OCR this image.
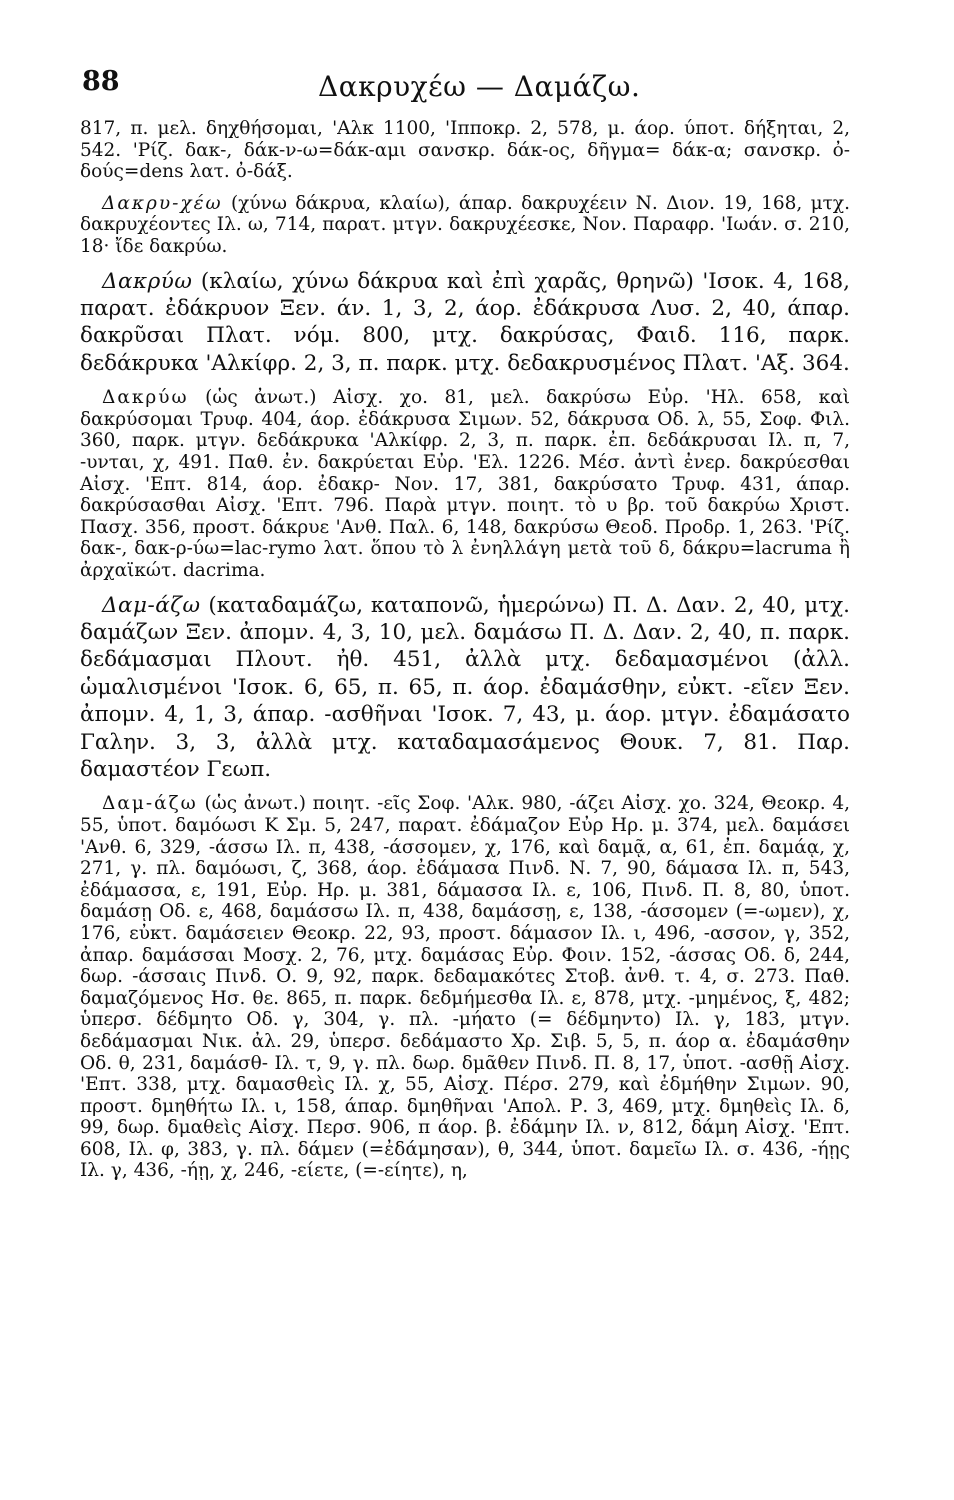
88	Δακρυχέω — Δαμάζω.

817, π. μελ. δηχθήσομαι, 'Αλκ 1100, 'Ιπποκρ. 2, 578, μ. άορ. ύποτ. δήξηται, 2, 542. 'Ρίζ. δακ-, δάκ-ν-ω=δάκ-αμι σανσκρ. δάκ-ος, δῆγμα= δάκ-α; σανσκρ. ὀ-δούς=dens λατ. ὀ-δάξ.

Δακρυ-χέω (χύνω δάκρυα, κλαίω), άπαρ. δακρυχέειν Ν. Διον. 19, 168, μτχ. δακρυχέοντες Ιλ. ω, 714, παρατ. μτγν. δακρυχέεσκε, Νον. Παραφρ. 'Ιωάν. σ. 210, 18· ἴδε δακρύω.

Δακρύω (κλαίω, χύνω δάκρυα καὶ ἐπὶ χαρᾶς, θρηνῶ) 'Ισοκ. 4, 168, παρατ. ἐδάκρυον Ξεν. άν. 1, 3, 2, άορ. ἐδάκρυσα Λυσ. 2, 40, άπαρ. δακρῦσαι Πλατ. νόμ. 800, μτχ. δακρύσας, Φαιδ. 116, παρκ. δεδάκρυκα 'Αλκίφρ. 2, 3, π. παρκ. μτχ. δεδακρυσμένος Πλατ. 'Αξ. 364.

Δακρύω (ὡς ἀνωτ.) Αἰσχ. χο. 81, μελ. δακρύσω Εὐρ. 'Ηλ. 658, καὶ δακρύσομαι Τρυφ. 404, άορ. ἐδάκρυσα Σιμων. 52, δάκρυσα Οδ. λ, 55, Σοφ. Φιλ. 360, παρκ. μτγν. δεδάκρυκα 'Αλκίφρ. 2, 3, π. παρκ. ἐπ. δεδάκρυσαι Ιλ. π, 7, -υνται, χ, 491. Παθ. ἐν. δακρύεται Εὐρ. 'Ελ. 1226. Μέσ. ἀντὶ ἐνερ. δακρύεσθαι Αἰσχ. 'Επτ. 814, άορ. ἐδακρ- Νον. 17, 381, δακρύσατο Τρυφ. 431, άπαρ. δακρύσασθαι Αἰσχ. 'Επτ. 796. Παρὰ μτγν. ποιητ. τὸ υ βρ. τοῦ δακρύω Χριστ. Πασχ. 356, προστ. δάκρυε 'Ανθ. Παλ. 6, 148, δακρύσω Θεοδ. Προδρ. 1, 263. 'Ρίζ. δακ-, δακ-ρ-ύω=lac-rymo λατ. ὅπου τὸ λ ἐνηλλάγη μετὰ τοῦ δ, δάκρυ=lacruma ἢ ἀρχαϊκώτ. dacrima.

Δαμ-άζω (καταδαμάζω, καταπονῶ, ἡμερώνω) Π. Δ. Δαν. 2, 40, μτχ. δαμάζων Ξεν. ἀπομν. 4, 3, 10, μελ. δαμάσω Π. Δ. Δαν. 2, 40, π. παρκ. δεδάμασμαι Πλουτ. ἠθ. 451, ἀλλὰ μτχ. δεδαμασμένοι (ἀλλ. ὡμαλισμένοι 'Ισοκ. 6, 65, π. 65, π. άορ. ἐδαμάσθην, εὐκτ. -εῖεν Ξεν. ἀπομν. 4, 1, 3, άπαρ. -ασθῆναι 'Ισοκ. 7, 43, μ. άορ. μτγν. ἐδαμάσατο Γαλην. 3, 3, ἀλλὰ μτχ. καταδαμασάμενος Θουκ. 7, 81. Παρ. δαμαστέον Γεωπ.

Δαμ-άζω (ὡς ἀνωτ.) ποιητ. -εῖς Σοφ. 'Αλκ. 980, -άζει Αἰσχ. χο. 324, Θεοκρ. 4, 55, ὑποτ. δαμόωσι Κ Σμ. 5, 247, παρατ. ἐδάμαζον Εὐρ Ηρ. μ. 374, μελ. δαμάσει 'Ανθ. 6, 329, -άσσω Ιλ. π, 438, -άσσομεν, χ, 176, καὶ δαμᾷ, α, 61, ἐπ. δαμάᾳ, χ, 271, γ. πλ. δαμόωσι, ζ, 368, άορ. ἐδάμασα Πινδ. Ν. 7, 90, δάμασα Ιλ. π, 543, ἐδάμασσα, ε, 191, Εὐρ. Ηρ. μ. 381, δάμασσα Ιλ. ε, 106, Πινδ. Π. 8, 80, ὑποτ. δαμάσῃ Οδ. ε, 468, δαμάσσω Ιλ. π, 438, δαμάσσῃ, ε, 138, -άσσομεν (=-ωμεν), χ, 176, εὐκτ. δαμάσειεν Θεοκρ. 22, 93, προστ. δάμασον Ιλ. ι, 496, -ασσον, γ, 352, ἀπαρ. δαμάσσαι Μοσχ. 2, 76, μτχ. δαμάσας Εὐρ. Φοιν. 152, -άσσας Οδ. δ, 244, δωρ. -άσσαις Πινδ. Ο. 9, 92, παρκ. δεδαμακότες Στοβ. ἀνθ. τ. 4, σ. 273. Παθ. δαμαζόμενος Ησ. θε. 865, π. παρκ. δεδμήμεσθα Ιλ. ε, 878, μτχ. -μημένος, ξ, 482; ὑπερσ. δέδμητο Οδ. γ, 304, γ. πλ. -μήατο (= δέδμηντο) Ιλ. γ, 183, μτγν. δεδάμασμαι Νικ. ἀλ. 29, ὑπερσ. δεδάμαστο Χρ. Σιβ. 5, 5, π. άορ α. ἐδαμάσθην Οδ. θ, 231, δαμάσθ- Ιλ. τ, 9, γ. πλ. δωρ. δμᾶθεν Πινδ. Π. 8, 17, ὑποτ. -ασθῇ Αἰσχ. 'Επτ. 338, μτχ. δαμασθεὶς Ιλ. χ, 55, Αἰσχ. Πέρσ. 279, καὶ ἐδμήθην Σιμων. 90, προστ. δμηθήτω Ιλ. ι, 158, άπαρ. δμηθῆναι 'Απολ. Ρ. 3, 469, μτχ. δμηθεὶς Ιλ. δ, 99, δωρ. δμαθεὶς Αἰσχ. Περσ. 906, π άορ. β. ἐδάμην Ιλ. ν, 812, δάμη Αἰσχ. 'Επτ. 608, Ιλ. φ, 383, γ. πλ. δάμεν (=ἐδάμησαν), θ, 344, ὑποτ. δαμεῖω Ιλ. σ. 436, -ήῃς Ιλ. γ, 436, -ήῃ, χ, 246, -είετε, (=-είητε), η,
